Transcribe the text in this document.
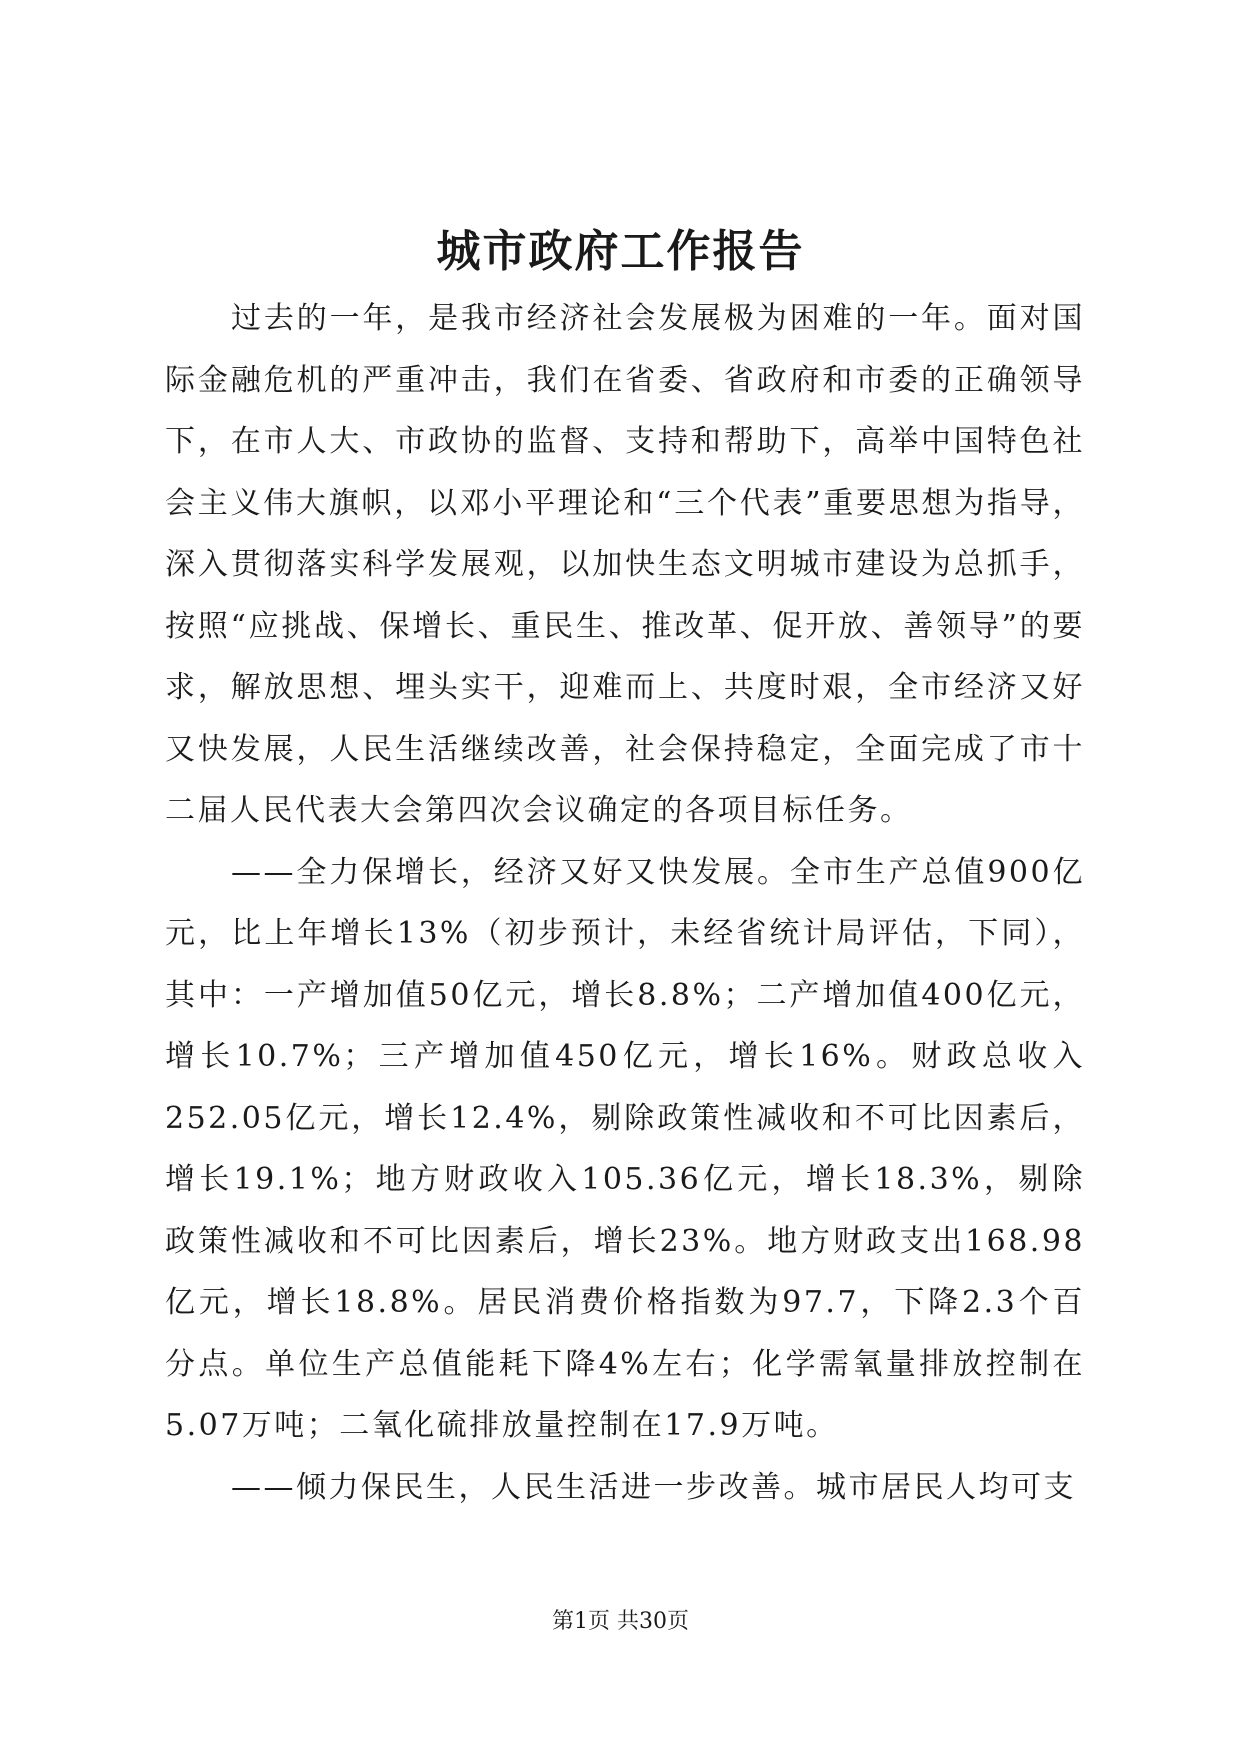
城市政府工作报告

过去的一年，是我市经济社会发展极为困难的一年。面对国际金融危机的严重冲击，我们在省委、省政府和市委的正确领导下，在市人大、市政协的监督、支持和帮助下，高举中国特色社会主义伟大旗帜，以邓小平理论和“三个代表”重要思想为指导，深入贯彻落实科学发展观，以加快生态文明城市建设为总抓手，按照“应挑战、保增长、重民生、推改革、促开放、善领导”的要求，解放思想、埋头实干，迎难而上、共度时艰，全市经济又好又快发展，人民生活继续改善，社会保持稳定，全面完成了市十二届人民代表大会第四次会议确定的各项目标任务。

——全力保增长，经济又好又快发展。全市生产总值900亿元，比上年增长13%（初步预计，未经省统计局评估，下同），其中：一产增加值50亿元，增长8.8%；二产增加值400亿元，增长10.7%；三产增加值450亿元，增长16%。财政总收入252.05亿元，增长12.4%，剔除政策性减收和不可比因素后，增长19.1%；地方财政收入105.36亿元，增长18.3%，剔除政策性减收和不可比因素后，增长23%。地方财政支出168.98亿元，增长18.8%。居民消费价格指数为97.7，下降2.3个百分点。单位生产总值能耗下降4%左右；化学需氧量排放控制在5.07万吨；二氧化硫排放量控制在17.9万吨。

——倾力保民生，人民生活进一步改善。城市居民人均可支

第1页 共30页
